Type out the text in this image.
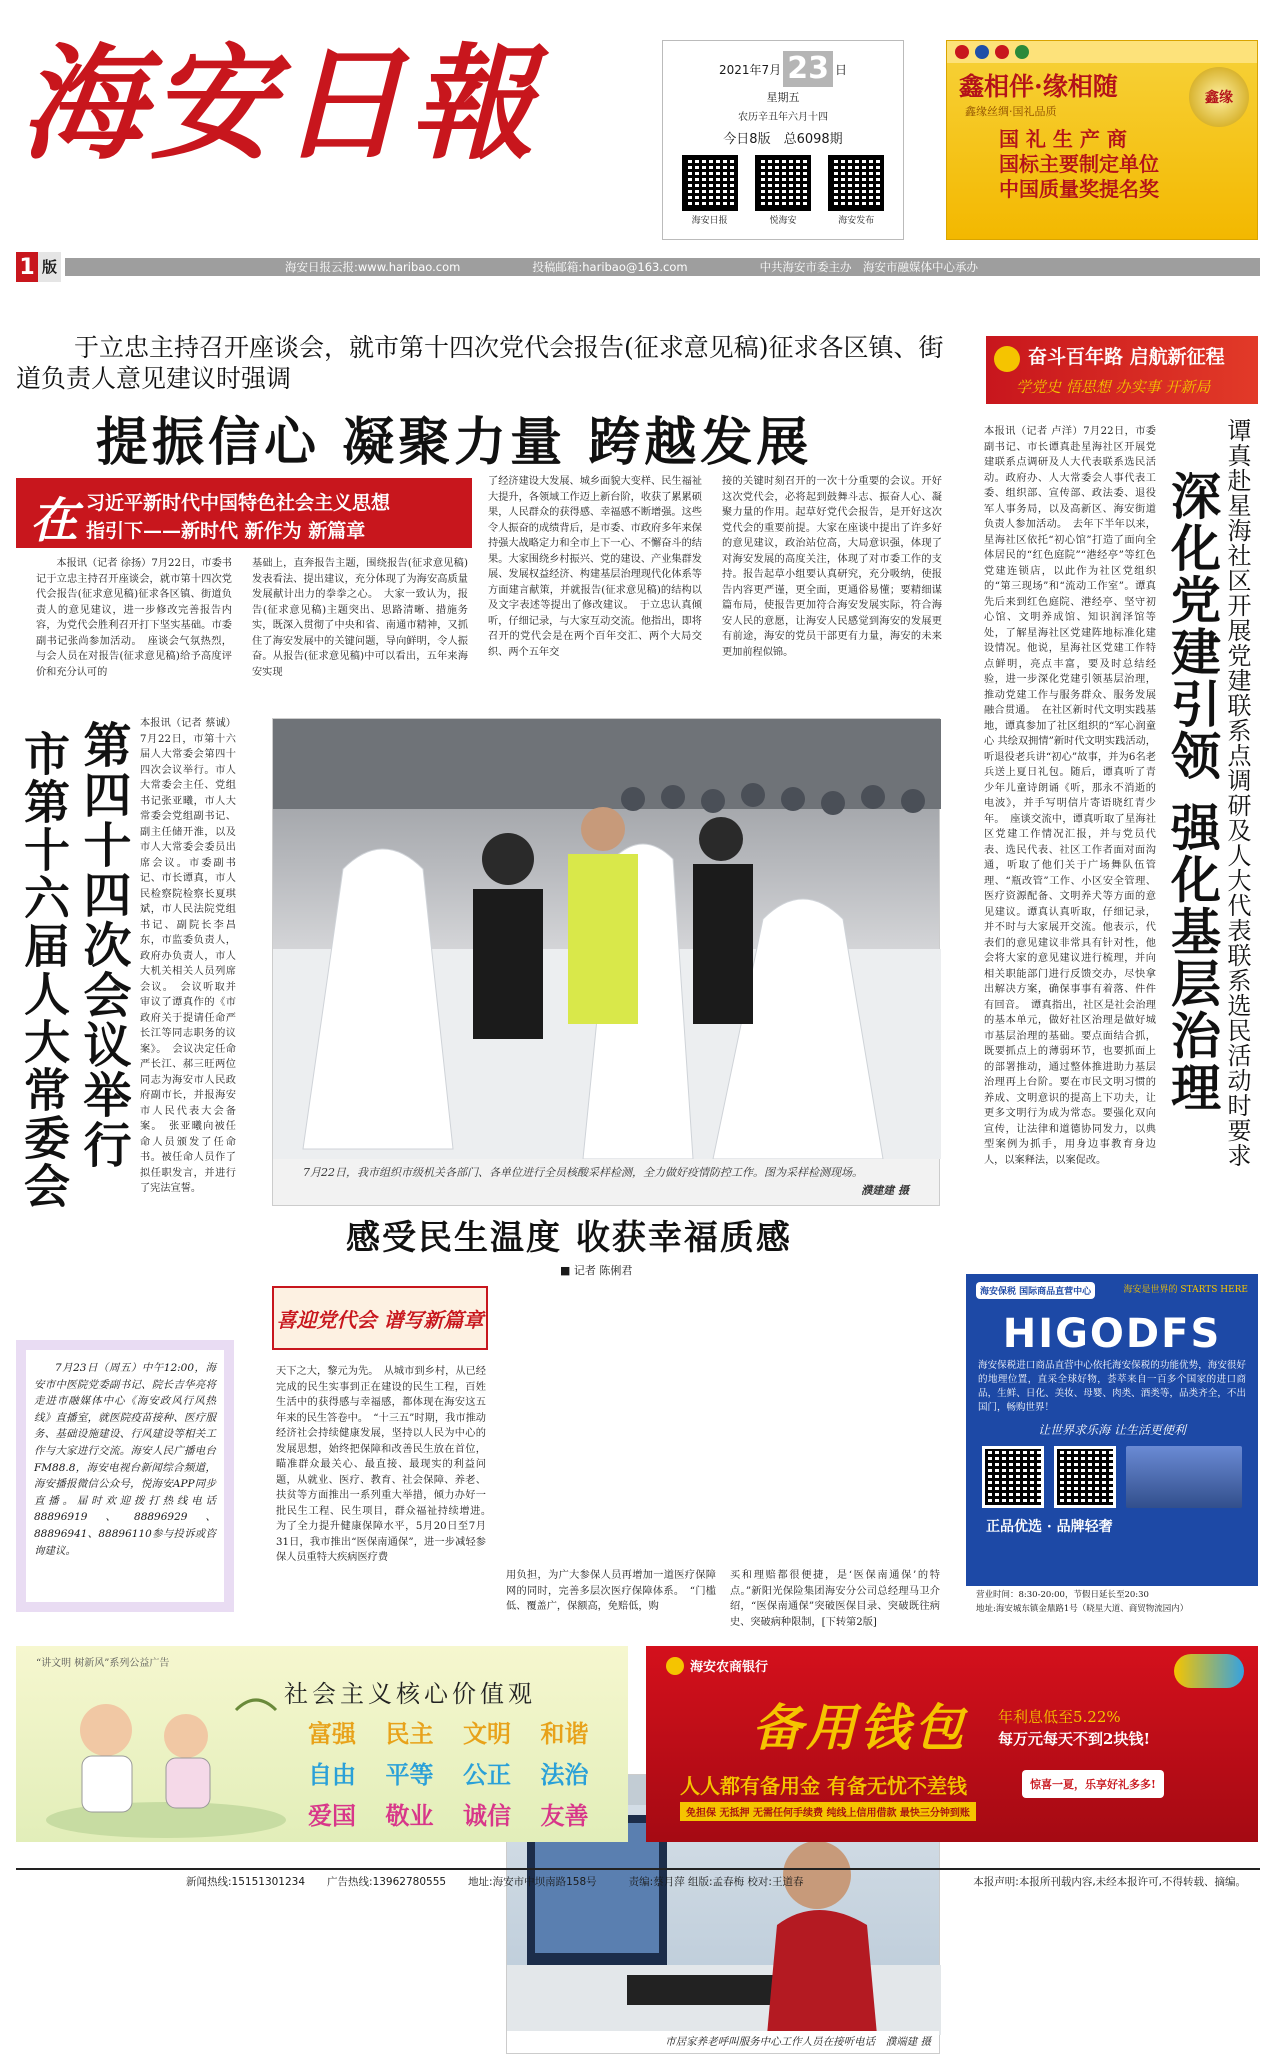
海安日報	2021年7月 23 日
星期五
农历辛丑年六月十四
今日8版　 总6098期
海安日报	悦海安	海安发布
鑫相伴·缘相随
鑫缘丝绸·国礼品质
国 礼 生 产 商
国标主要制定单位
中国质量奖提名奖
鑫缘
1 版	海安日报云报:www.haribao.com	投稿邮箱:haribao@163.com	中共海安市委主办　海安市融媒体中心承办
于立忠主持召开座谈会，就市第十四次党代会报告(征求意见稿)征求各区镇、街道负责人意见建议时强调
提振信心 凝聚力量 跨越发展
在 习近平新时代中国特色社会主义思想
指引下——新时代 新作为 新篇章
本报讯（记者 徐扬）7月22日，市委书记于立忠主持召开座谈会，就市第十四次党代会报告(征求意见稿)征求各区镇、街道负责人的意见建议，进一步修改完善报告内容，为党代会胜利召开打下坚实基础。市委副书记张尚参加活动。　座谈会气氛热烈，与会人员在对报告(征求意见稿)给予高度评价和充分认可的
基础上，直奔报告主题，围绕报告(征求意见稿)发表看法、提出建议，充分体现了为海安高质量发展献计出力的拳拳之心。　大家一致认为，报告(征求意见稿)主题突出、思路清晰、措施务实，既深入贯彻了中央和省、南通市精神，又抓住了海安发展中的关键问题，导向鲜明，令人振奋。从报告(征求意见稿)中可以看出，五年来海安实现
了经济建设大发展、城乡面貌大变样、民生福祉大提升，各领域工作迈上新台阶，收获了累累硕果，人民群众的获得感、幸福感不断增强。这些令人振奋的成绩背后，是市委、市政府多年来保持强大战略定力和全市上下一心、不懈奋斗的结果。大家围绕乡村振兴、党的建设、产业集群发展、发展权益经济、构建基层治理现代化体系等方面建言献策，并就报告(征求意见稿)的结构以及文字表述等提出了修改建议。　于立忠认真倾听，仔细记录，与大家互动交流。他指出，即将召开的党代会是在两个百年交汇、两个大局交织、两个五年交
接的关键时刻召开的一次十分重要的会议。开好这次党代会，必将起到鼓舞斗志、振奋人心、凝聚力量的作用。起草好党代会报告，是开好这次党代会的重要前提。大家在座谈中提出了许多好的意见建议，政治站位高，大局意识强，体现了对海安发展的高度关注，体现了对市委工作的支持。报告起草小组要认真研究，充分吸纳，使报告内容更严谨，更全面，更通俗易懂；要精细谋篇布局，使报告更加符合海安发展实际，符合海安人民的意愿，让海安人民感觉到海安的发展更有前途，海安的党员干部更有力量，海安的未来更加前程似锦。
第四十四次会议举行
市第十六届人大常委会
本报讯（记者 蔡诚）7月22日，市第十六届人大常委会第四十四次会议举行。市人大常委会主任、党组书记张亚曦，市人大常委会党组副书记、副主任储开淮，以及市人大常委会委员出席会议。市委副书记、市长谭真，市人民检察院检察长夏琪斌，市人民法院党组书记、副院长李昌东，市监委负责人，政府办负责人，市人大机关相关人员列席会议。　会议听取并审议了谭真作的《市政府关于提请任命严长江等同志职务的议案》。　会议决定任命严长江、郝三旺两位同志为海安市人民政府副市长，并报海安市人民代表大会备案。　张亚曦向被任命人员颁发了任命书。被任命人员作了拟任职发言，并进行了宪法宣誓。
7月22日，我市组织市级机关各部门、各单位进行全员核酸采样检测，全力做好疫情防控工作。图为采样检测现场。
濮建建 摄
奋斗百年路 启航新征程
学党史 悟思想 办实事 开新局
谭真赴星海社区开展党建联系点调研及人大代表联系选民活动时要求
深化党建引领 强化基层治理
本报讯（记者 卢洋）7月22日，市委副书记、市长谭真赴星海社区开展党建联系点调研及人大代表联系选民活动。政府办、人大常委会人事代表工委、组织部、宣传部、政法委、退役军人事务局，以及高新区、海安街道负责人参加活动。　去年下半年以来，星海社区依托“初心馆”打造了面向全体居民的“红色庭院”“港经亭”等红色党建连锁店，以此作为社区党组织的“第三现场”和“流动工作室”。谭真先后来到红色庭院、港经亭、坚守初心馆、文明养成馆、知识润泽馆等处，了解星海社区党建阵地标准化建设情况。他说，星海社区党建工作特点鲜明，亮点丰富，要及时总结经验，进一步深化党建引领基层治理，推动党建工作与服务群众、服务发展融合贯通。　在社区新时代文明实践基地，谭真参加了社区组织的“军心润童心 共绘双拥情”新时代文明实践活动，听退役老兵讲“初心”故事，并为6名老兵送上夏日礼包。随后，谭真听了青少年儿童诗朗诵《听，那永不消逝的电波》，并手写明信片寄语晓红青少年。　座谈交流中，谭真听取了星海社区党建工作情况汇报，并与党员代表、选民代表、社区工作者面对面沟通，听取了他们关于广场舞队伍管理、“瓶改管”工作、小区安全管理、医疗资源配备、文明养犬等方面的意见建议。谭真认真听取，仔细记录，并不时与大家展开交流。他表示，代表们的意见建议非常具有针对性，他会将大家的意见建议进行梳理，并向相关职能部门进行反馈交办，尽快拿出解决方案，确保事事有着落、件件有回音。　谭真指出，社区是社会治理的基本单元，做好社区治理是做好城市基层治理的基础。要点面结合抓，既要抓点上的薄弱环节，也要抓面上的部署推动，通过整体推进助力基层治理再上台阶。要在市民文明习惯的养成、文明意识的提高上下功夫，让更多文明行为成为常态。要强化双向宣传，让法律和道德协同发力，以典型案例为抓手，用身边事教育身边人，以案释法，以案促改。
感受民生温度 收获幸福质感
■ 记者 陈俐君
喜迎党代会 谱写新篇章
天下之大，黎元为先。　从城市到乡村，从已经完成的民生实事到正在建设的民生工程，百姓生活中的获得感与幸福感，都体现在海安这五年来的民生答卷中。　“十三五”时期，我市推动经济社会持续健康发展，坚持以人民为中心的发展思想，始终把保障和改善民生放在首位，瞄准群众最关心、最直接、最现实的利益问题，从就业、医疗、教育、社会保障、养老、扶贫等方面推出一系列重大举措，倾力办好一批民生工程、民生项目，群众福祉持续增进。　为了全力提升健康保障水平，5月20日至7月31日，我市推出“医保南通保”，进一步减轻参保人员重特大疾病医疗费
市居家养老呼叫服务中心工作人员在接听电话　 濮端建 摄
用负担，为广大参保人员再增加一道医疗保障网的同时，完善多层次医疗保障体系。　“门槛低、覆盖广，保额高，免赔低，购
买和理赔都很便捷，是‘医保南通保’的特点。”新阳光保险集团海安分公司总经理马卫介绍，“医保南通保”突破医保目录、突破既往病史、突破病种限制，[下转第2版]
7月23日（周五）中午12:00，海安市中医院党委副书记、院长吉华亮将走进市融媒体中心《海安政风行风热线》直播室，就医院疫苗接种、医疗服务、基础设施建设、行风建设等相关工作与大家进行交流。海安人民广播电台FM88.8，海安电视台新闻综合频道，海安播报微信公众号，悦海安APP同步直播。届时欢迎拨打热线电话88896919、88896929、88896941、88896110参与投诉或咨询建议。
海安保税 国际商品直营中心	海安是世界的 STARTS HERE
HIGODFS
海安保税进口商品直营中心依托海安保税的功能优势，海安很好的地理位置，直采全球好物，荟萃来自一百多个国家的进口商品，生鲜、日化、美妆、母婴、肉类、酒类等，品类齐全，不出国门，畅购世界！
让世界求乐海 让生活更便利
正品优选 · 品牌轻奢
营业时间：8:30-20:00，节假日延长至20:30
地址:海安城东镇金鼎路1号（晓星大道、商贸物流园内）
“讲文明 树新风”系列公益广告
社会主义核心价值观
富强	民主	文明	和谐
自由	平等	公正	法治
爱国	敬业	诚信	友善
海安农商银行
备用钱包 年利息低至5.22%
每万元每天不到2块钱!
人人都有备用金 有备无忧不差钱
免担保 无抵押 无需任何手续费 纯线上信用借款 最快三分钟到账
惊喜一夏，乐享好礼多多!
新闻热线:15151301234 广告热线:13962780555 地址:海安市中坝南路158号	责编:蔡月萍 组版:孟春梅 校对:王道春	本报声明:本报所刊载内容,未经本报许可,不得转载、摘编。
